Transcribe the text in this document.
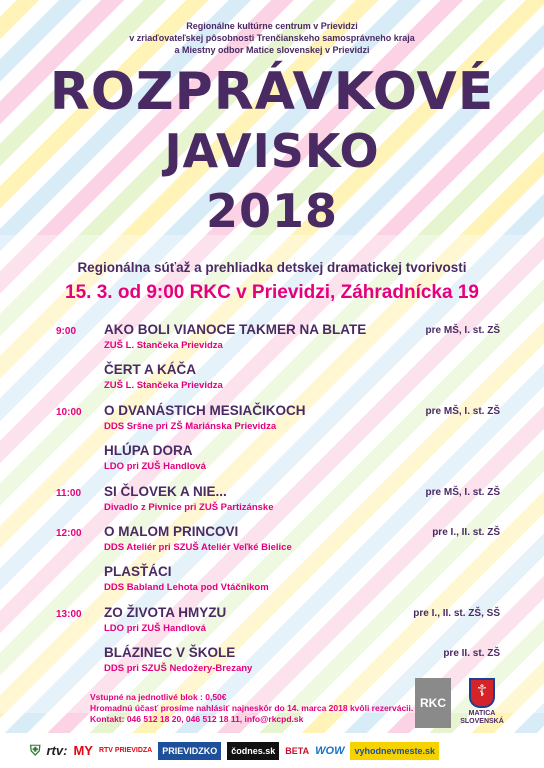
Regionálne kultúrne centrum v Prievidzi
v zriaďovateľskej pôsobnosti Trenčianskeho samosprávneho kraja
a Miestny odbor Matice slovenskej v Prievidzi
ROZPRÁVKOVÉ
JAVISKO
2018
Regionálna súťaž a prehliadka detskej dramatickej tvorivosti
15. 3. od 9:00 RKC v Prievidzi, Záhradnícka 19
9:00 AKO BOLI VIANOCE TAKMER NA BLATE
ZUŠ L. Stančeka Prievidza
pre MŠ, I. st. ZŠ
ČERT A KÁČA
ZUŠ L. Stančeka Prievidza
10:00 O DVANÁSTICH MESIAČIKOCH
DDS Sršne pri ZŠ Mariánska Prievidza
pre MŠ, I. st. ZŠ
HLÚPA DORA
LDO pri ZUŠ Handlová
11:00 SI ČLOVEK A NIE...
Divadlo z Pivnice pri ZUŠ Partizánske
pre MŠ, I. st. ZŠ
12:00 O MALOM PRINCOVI
DDS Ateliér pri SZUŠ Ateliér Veľké Bielice
pre I., II. st. ZŠ
PLASŤÁCI
DDS Babland Lehota pod Vtáčnikom
13:00 ZO ŽIVOTA HMYZU
LDO pri ZUŠ Handlová
pre I., II. st. ZŠ, SŠ
BLÁZINEC V ŠKOLE
DDS pri SZUŠ Nedožery-Brezany
pre II. st. ZŠ
Vstupné na jednotlivé blok : 0,50€
Hromadnú účasť prosíme nahlásiť najneskôr do 14. marca 2018 kvôli rezervácii.
Kontakt: 046 512 18 20, 046 512 18 11, info@rkcpd.sk
RKC
☦
MATICA SLOVENSKÁ
⛨ rtv: MY RTV PRIEVIDZA	PRIEVIDZKO	čodnes.sk	BETA WOW	vyhodnevmeste.sk
